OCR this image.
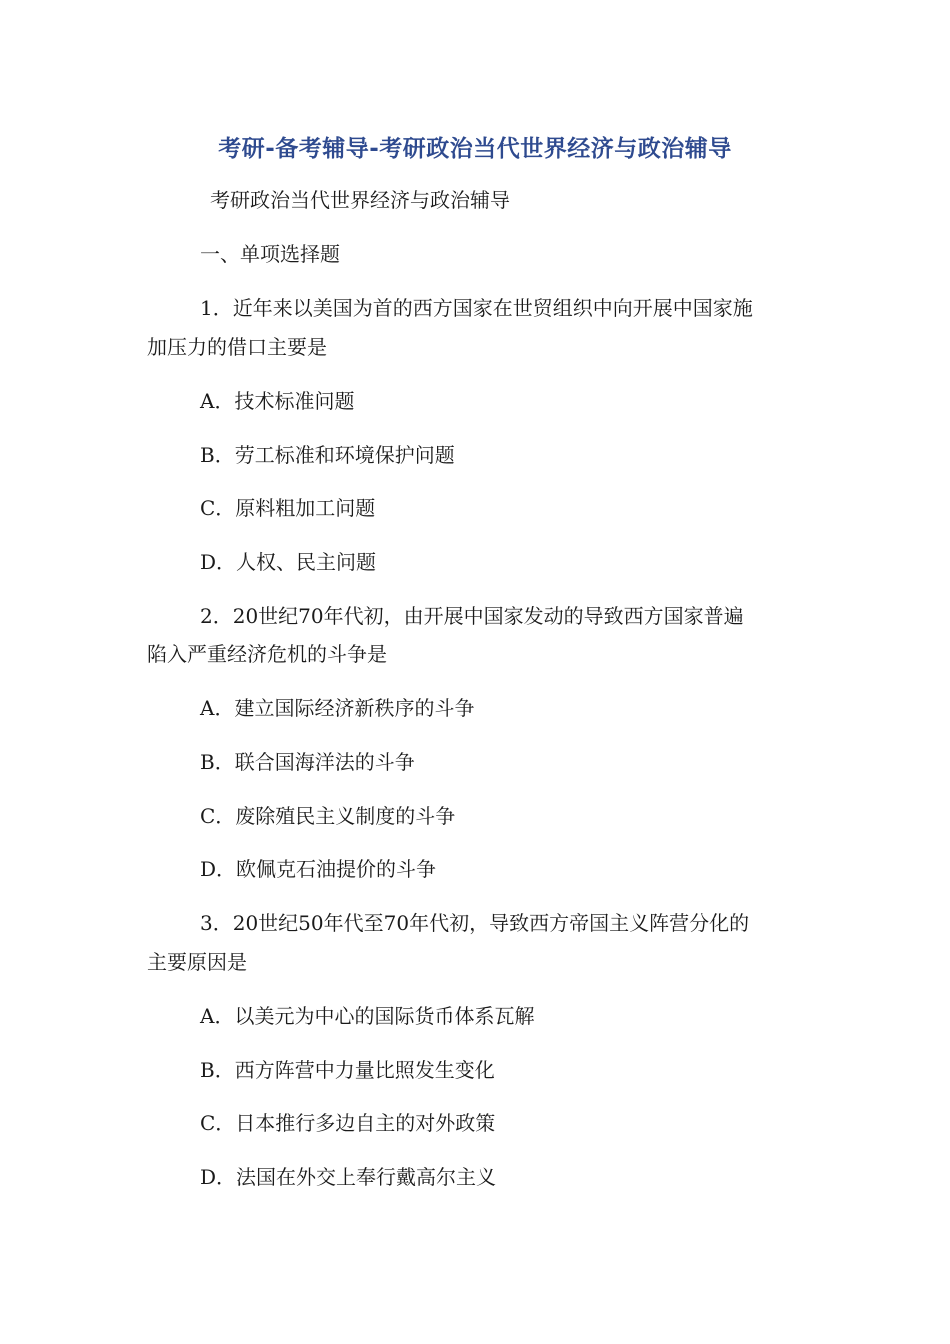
考研-备考辅导-考研政治当代世界经济与政治辅导
考研政治当代世界经济与政治辅导
一、单项选择题
1．近年来以美国为首的西方国家在世贸组织中向开展中国家施
加压力的借口主要是
A．技术标准问题
B．劳工标准和环境保护问题
C．原料粗加工问题
D．人权、民主问题
2．20世纪70年代初，由开展中国家发动的导致西方国家普遍
陷入严重经济危机的斗争是
A．建立国际经济新秩序的斗争
B．联合国海洋法的斗争
C．废除殖民主义制度的斗争
D．欧佩克石油提价的斗争
3．20世纪50年代至70年代初，导致西方帝国主义阵营分化的
主要原因是
A．以美元为中心的国际货币体系瓦解
B．西方阵营中力量比照发生变化
C．日本推行多边自主的对外政策
D．法国在外交上奉行戴高尔主义
